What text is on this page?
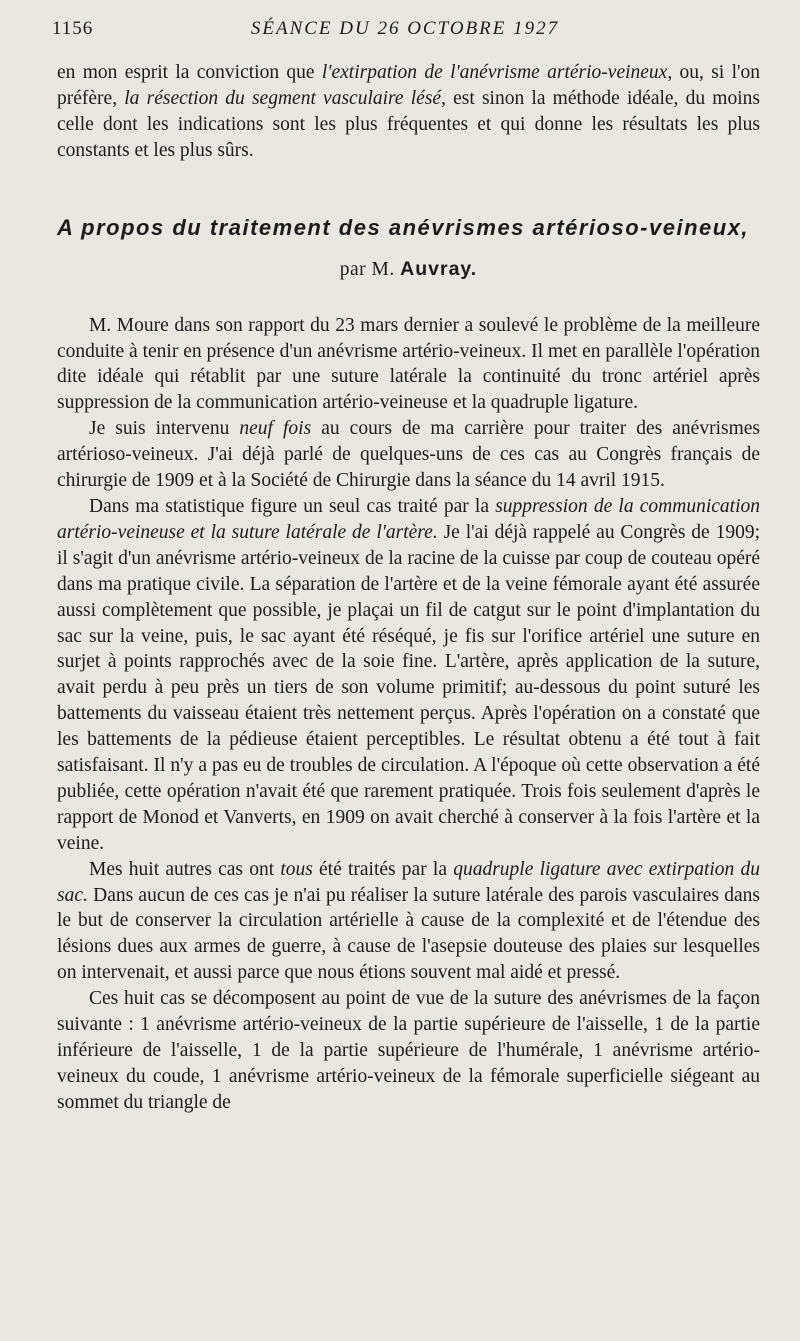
1156	SÉANCE DU 26 OCTOBRE 1927

en mon esprit la conviction que l'extirpation de l'anévrisme artério-veineux, ou, si l'on préfère, la résection du segment vasculaire lésé, est sinon la méthode idéale, du moins celle dont les indications sont les plus fréquentes et qui donne les résultats les plus constants et les plus sûrs.

A propos du traitement des anévrismes artérioso-veineux,
par M. Auvray.

M. Moure dans son rapport du 23 mars dernier a soulevé le problème de la meilleure conduite à tenir en présence d'un anévrisme artério-veineux. Il met en parallèle l'opération dite idéale qui rétablit par une suture latérale la continuité du tronc artériel après suppression de la communication artério-veineuse et la quadruple ligature.

Je suis intervenu neuf fois au cours de ma carrière pour traiter des anévrismes artérioso-veineux. J'ai déjà parlé de quelques-uns de ces cas au Congrès français de chirurgie de 1909 et à la Société de Chirurgie dans la séance du 14 avril 1915.

Dans ma statistique figure un seul cas traité par la suppression de la communication artério-veineuse et la suture latérale de l'artère. Je l'ai déjà rappelé au Congrès de 1909; il s'agit d'un anévrisme artério-veineux de la racine de la cuisse par coup de couteau opéré dans ma pratique civile. La séparation de l'artère et de la veine fémorale ayant été assurée aussi complètement que possible, je plaçai un fil de catgut sur le point d'implantation du sac sur la veine, puis, le sac ayant été réséqué, je fis sur l'orifice artériel une suture en surjet à points rapprochés avec de la soie fine. L'artère, après application de la suture, avait perdu à peu près un tiers de son volume primitif; au-dessous du point suturé les battements du vaisseau étaient très nettement perçus. Après l'opération on a constaté que les battements de la pédieuse étaient perceptibles. Le résultat obtenu a été tout à fait satisfaisant. Il n'y a pas eu de troubles de circulation. A l'époque où cette observation a été publiée, cette opération n'avait été que rarement pratiquée. Trois fois seulement d'après le rapport de Monod et Vanverts, en 1909 on avait cherché à conserver à la fois l'artère et la veine.

Mes huit autres cas ont tous été traités par la quadruple ligature avec extirpation du sac. Dans aucun de ces cas je n'ai pu réaliser la suture latérale des parois vasculaires dans le but de conserver la circulation artérielle à cause de la complexité et de l'étendue des lésions dues aux armes de guerre, à cause de l'asepsie douteuse des plaies sur lesquelles on intervenait, et aussi parce que nous étions souvent mal aidé et pressé.

Ces huit cas se décomposent au point de vue de la suture des anévrismes de la façon suivante : 1 anévrisme artério-veineux de la partie supérieure de l'aisselle, 1 de la partie inférieure de l'aisselle, 1 de la partie supérieure de l'humérale, 1 anévrisme artério-veineux du coude, 1 anévrisme artério-veineux de la fémorale superficielle siégeant au sommet du triangle de
